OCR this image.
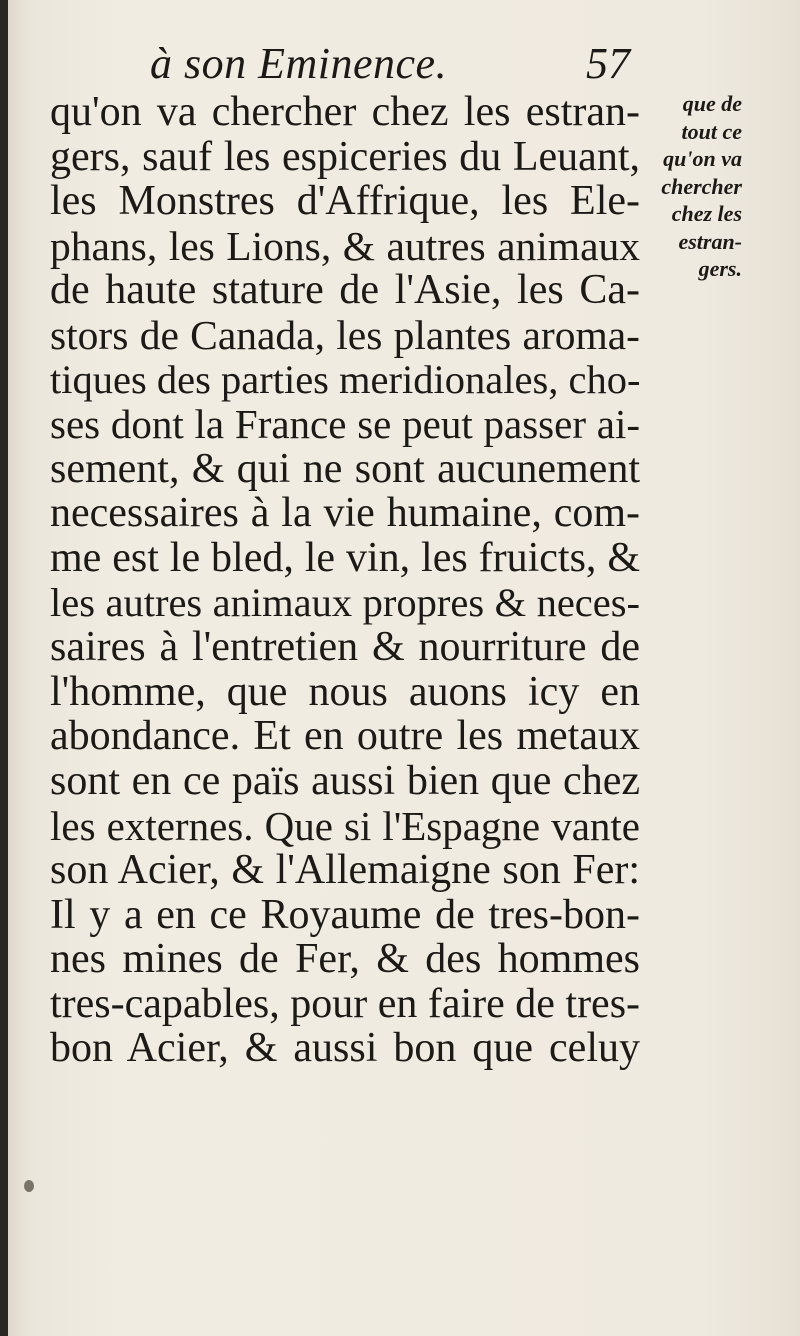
à son Eminence.	57
qu'on va chercher chez les estran-
gers, sauf les espiceries du Leuant,
les Monstres d'Affrique, les Ele-
phans, les Lions, & autres animaux
de haute stature de l'Asie, les Ca-
stors de Canada, les plantes aroma-
tiques des parties meridionales, cho-
ses dont la France se peut passer ai-
sement, & qui ne sont aucunement
necessaires à la vie humaine, com-
me est le bled, le vin, les fruicts, &
les autres animaux propres & neces-
saires à l'entretien & nourriture de
l'homme, que nous auons icy en
abondance. Et en outre les metaux
sont en ce païs aussi bien que chez
les externes. Que si l'Espagne vante
son Acier, & l'Allemaigne son Fer:
Il y a en ce Royaume de tres-bon-
nes mines de Fer, & des hommes
tres-capables, pour en faire de tres-
bon Acier, & aussi bon que celuy
que de
tout ce
qu'on va
chercher
chez les
estran-
gers.
